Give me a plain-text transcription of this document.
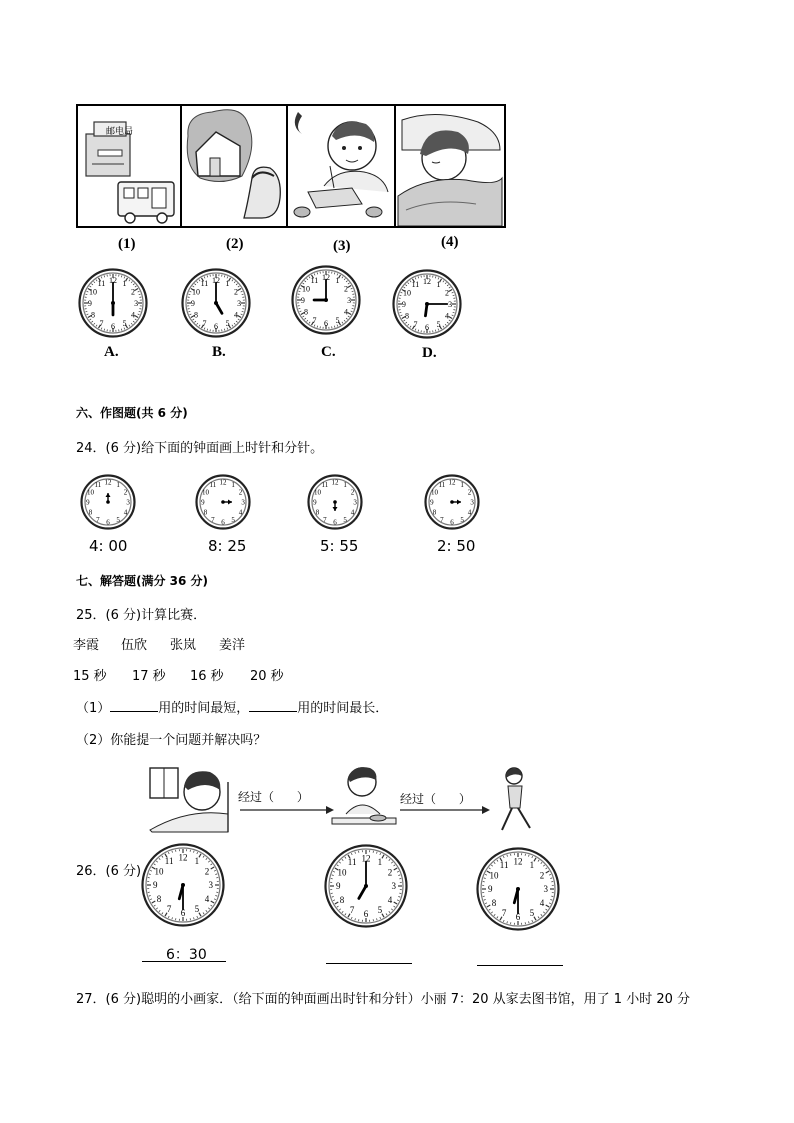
邮电局
(1)	(2)	(3)	(4)
12 1
2
3
4
5
6
7
8
9
10
11	12 1
2
3
4
5
6
7
8
9
10
11
12 1
2
3
4
5
6
7
8
9
10
11	12 1
2
3
4
5
6
7
8
9
10
11
A.	B.	C.	D.
六、作图题(共 6 分)
24．(6 分)给下面的钟面画上时针和分针。
12 1
2
3
4
5
6
7
8
9
10
11	12 1
2
3
4
5
6
7
8
9
10
11	12 1
2
3
4
5
6
7
8
9
10
11	12 1
2
3
4
5
6
7
8
9
10
11
4: 00	8: 25	5: 55	2: 50
七、解答题(满分 36 分)
25．(6 分)计算比赛．
李霞 伍欣 张岚 姜洋
15 秒 17 秒 16 秒 20 秒
（1）	用的时间最短，	用的时间最长．
（2）你能提一个问题并解决吗？
经过（      ）	经过（      ）
26．(6 分)
12 1
2
3
4
5
6
7
8
9
10
11	12 1
2
3
4
5
6
7
8
9
10
11	12 1
2
3
4
5
6
7
8
9
10
11
6：30
27．(6 分)聪明的小画家．（给下面的钟面画出时针和分针）小丽 7：20 从家去图书馆，用了 1 小时 20 分
